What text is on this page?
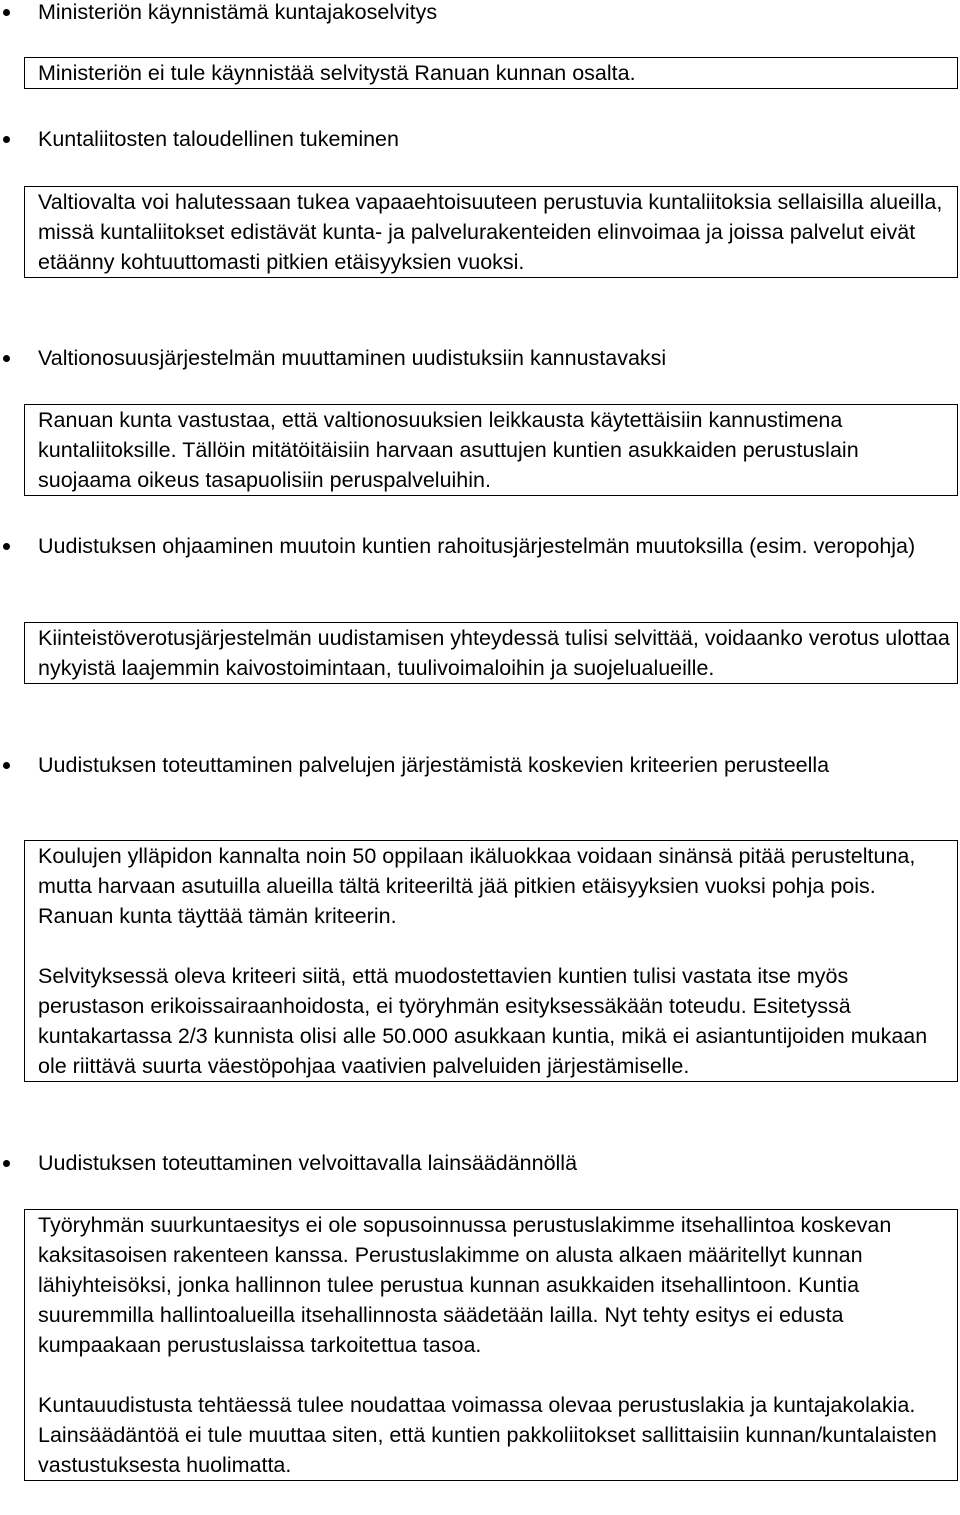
Ministeriön käynnistämä kuntajakoselvitys

Ministeriön ei tule käynnistää selvitystä Ranuan kunnan osalta.

Kuntaliitosten taloudellinen tukeminen

Valtiovalta voi halutessaan tukea vapaaehtoisuuteen perustuvia kuntaliitoksia sellaisilla alueilla, missä kuntaliitokset edistävät kunta- ja palvelurakenteiden elinvoimaa ja joissa palvelut eivät etäänny kohtuuttomasti pitkien etäisyyksien vuoksi.

Valtionosuusjärjestelmän muuttaminen uudistuksiin kannustavaksi

Ranuan kunta vastustaa, että valtionosuuksien leikkausta käytettäisiin kannustimena kuntaliitoksille. Tällöin mitätöitäisiin harvaan asuttujen kuntien asukkaiden perustuslain suojaama oikeus tasapuolisiin peruspalveluihin.

Uudistuksen ohjaaminen muutoin kuntien rahoitusjärjestelmän muutoksilla (esim. veropohja)

Kiinteistöverotusjärjestelmän uudistamisen yhteydessä tulisi selvittää, voidaanko verotus ulottaa nykyistä laajemmin kaivostoimintaan, tuulivoimaloihin ja suojelualueille.

Uudistuksen toteuttaminen palvelujen järjestämistä koskevien kriteerien perusteella

Koulujen ylläpidon kannalta noin 50 oppilaan ikäluokkaa voidaan sinänsä pitää perusteltuna, mutta harvaan asutuilla alueilla tältä kriteeriltä jää pitkien etäisyyksien vuoksi pohja pois. Ranuan kunta täyttää tämän kriteerin.

Selvityksessä oleva kriteeri siitä, että muodostettavien kuntien tulisi vastata itse myös perustason erikoissairaanhoidosta, ei työryhmän esityksessäkään toteudu. Esitetyssä kuntakartassa 2/3 kunnista olisi alle 50.000 asukkaan kuntia, mikä ei asiantuntijoiden mukaan ole riittävä suurta väestöpohjaa vaativien palveluiden järjestämiselle.

Uudistuksen toteuttaminen velvoittavalla lainsäädännöllä

Työryhmän suurkuntaesitys ei ole sopusoinnussa perustuslakimme itsehallintoa koskevan kaksitasoisen rakenteen kanssa. Perustuslakimme on alusta alkaen määritellyt kunnan lähiyhteisöksi, jonka hallinnon tulee perustua kunnan asukkaiden itsehallintoon. Kuntia suuremmilla hallintoalueilla itsehallinnosta säädetään lailla. Nyt tehty esitys ei edusta kumpaakaan perustuslaissa tarkoitettua tasoa.

Kuntauudistusta tehtäessä tulee noudattaa voimassa olevaa perustuslakia ja kuntajakolakia. Lainsäädäntöä ei tule muuttaa siten, että kuntien pakkoliitokset sallittaisiin kunnan/kuntalaisten vastustuksesta huolimatta.
